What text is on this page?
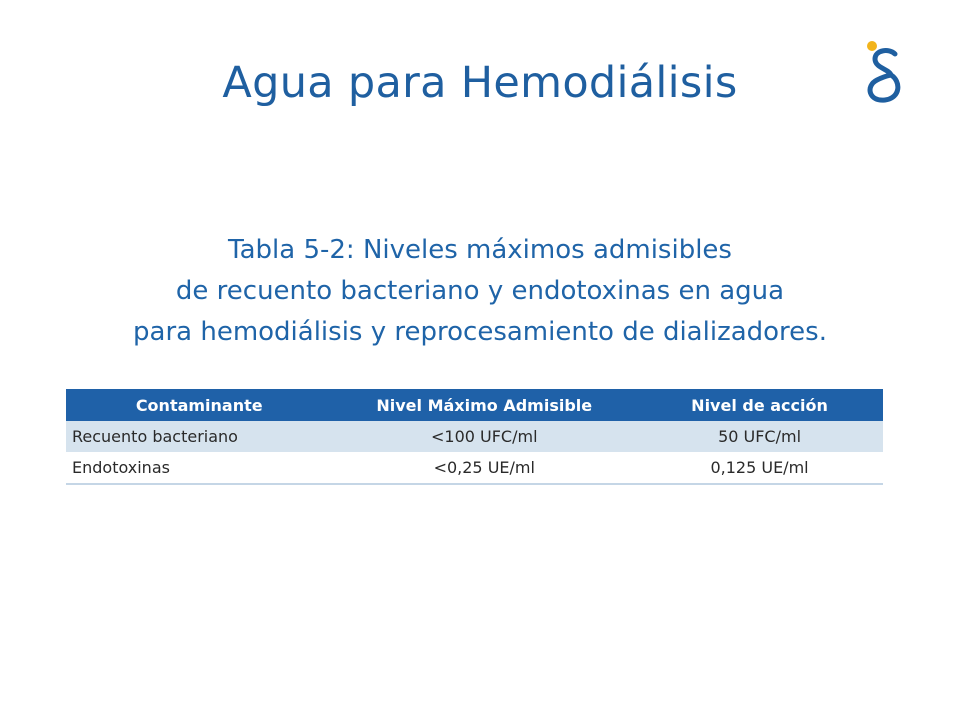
Agua para Hemodiálisis
Tabla 5-2: Niveles máximos admisibles
de recuento bacteriano y endotoxinas en agua
para hemodiálisis y reprocesamiento de dializadores.
Contaminante	Nivel Máximo Admisible	Nivel de acción
Recuento bacteriano	<100 UFC/ml	50 UFC/ml
Endotoxinas	<0,25 UE/ml	0,125 UE/ml
